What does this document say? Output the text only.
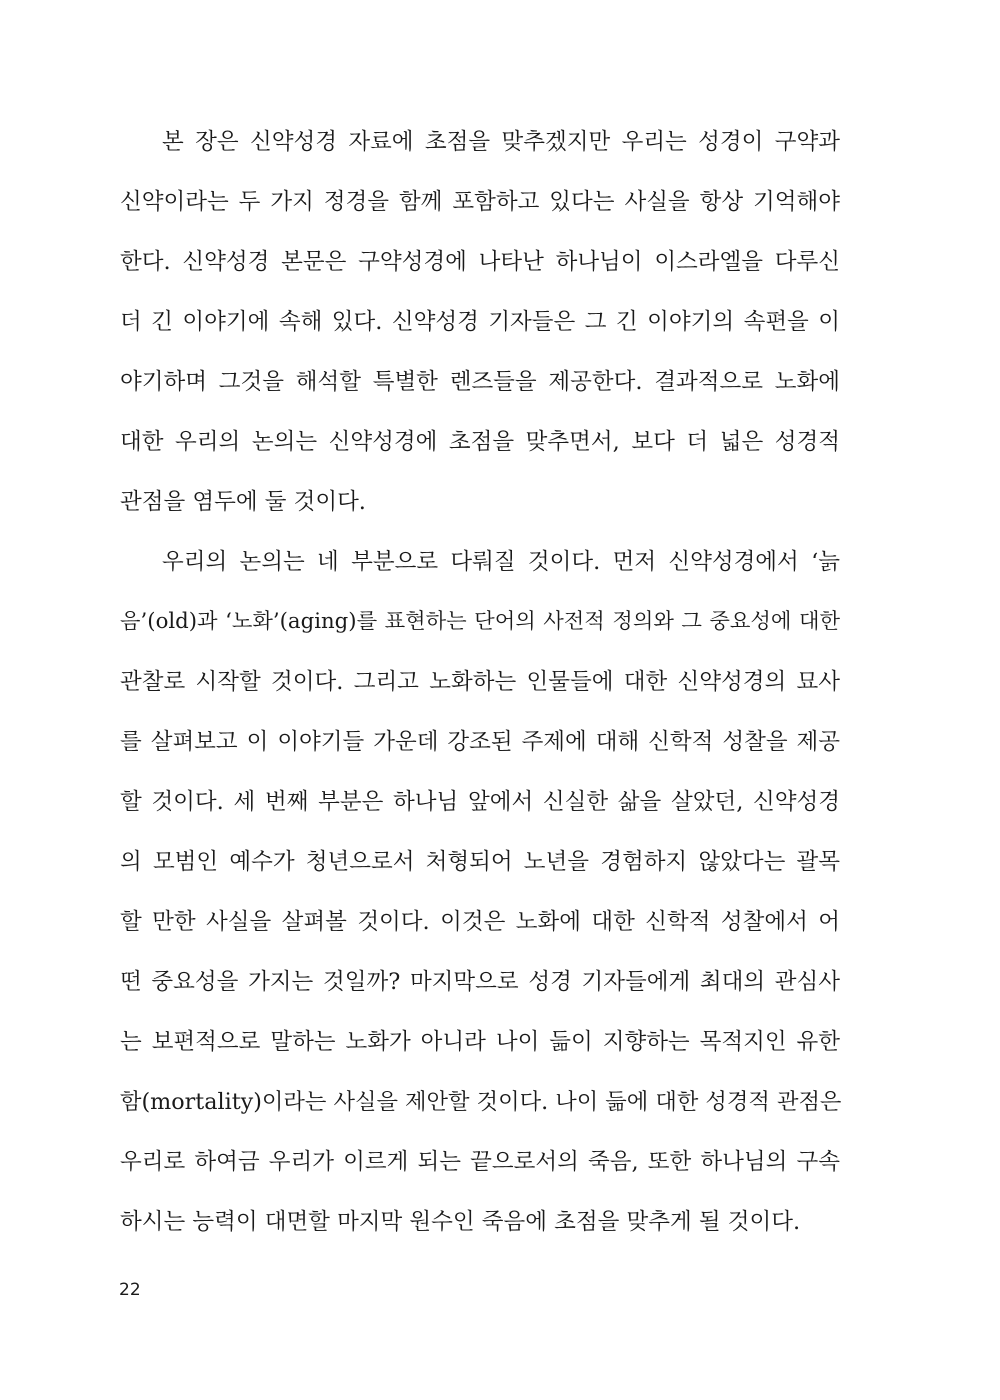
본 장은 신약성경 자료에 초점을 맞추겠지만 우리는 성경이 구약과
신약이라는 두 가지 정경을 함께 포함하고 있다는 사실을 항상 기억해야
한다. 신약성경 본문은 구약성경에 나타난 하나님이 이스라엘을 다루신
더 긴 이야기에 속해 있다. 신약성경 기자들은 그 긴 이야기의 속편을 이
야기하며 그것을 해석할 특별한 렌즈들을 제공한다. 결과적으로 노화에
대한 우리의 논의는 신약성경에 초점을 맞추면서, 보다 더 넓은 성경적
관점을 염두에 둘 것이다.
우리의 논의는 네 부분으로 다뤄질 것이다. 먼저 신약성경에서 ‘늙
음’(old)과 ‘노화’(aging)를 표현하는 단어의 사전적 정의와 그 중요성에 대한
관찰로 시작할 것이다. 그리고 노화하는 인물들에 대한 신약성경의 묘사
를 살펴보고 이 이야기들 가운데 강조된 주제에 대해 신학적 성찰을 제공
할 것이다. 세 번째 부분은 하나님 앞에서 신실한 삶을 살았던, 신약성경
의 모범인 예수가 청년으로서 처형되어 노년을 경험하지 않았다는 괄목
할 만한 사실을 살펴볼 것이다. 이것은 노화에 대한 신학적 성찰에서 어
떤 중요성을 가지는 것일까? 마지막으로 성경 기자들에게 최대의 관심사
는 보편적으로 말하는 노화가 아니라 나이 듦이 지향하는 목적지인 유한
함(mortality)이라는 사실을 제안할 것이다. 나이 듦에 대한 성경적 관점은
우리로 하여금 우리가 이르게 되는 끝으로서의 죽음, 또한 하나님의 구속
하시는 능력이 대면할 마지막 원수인 죽음에 초점을 맞추게 될 것이다.
22
